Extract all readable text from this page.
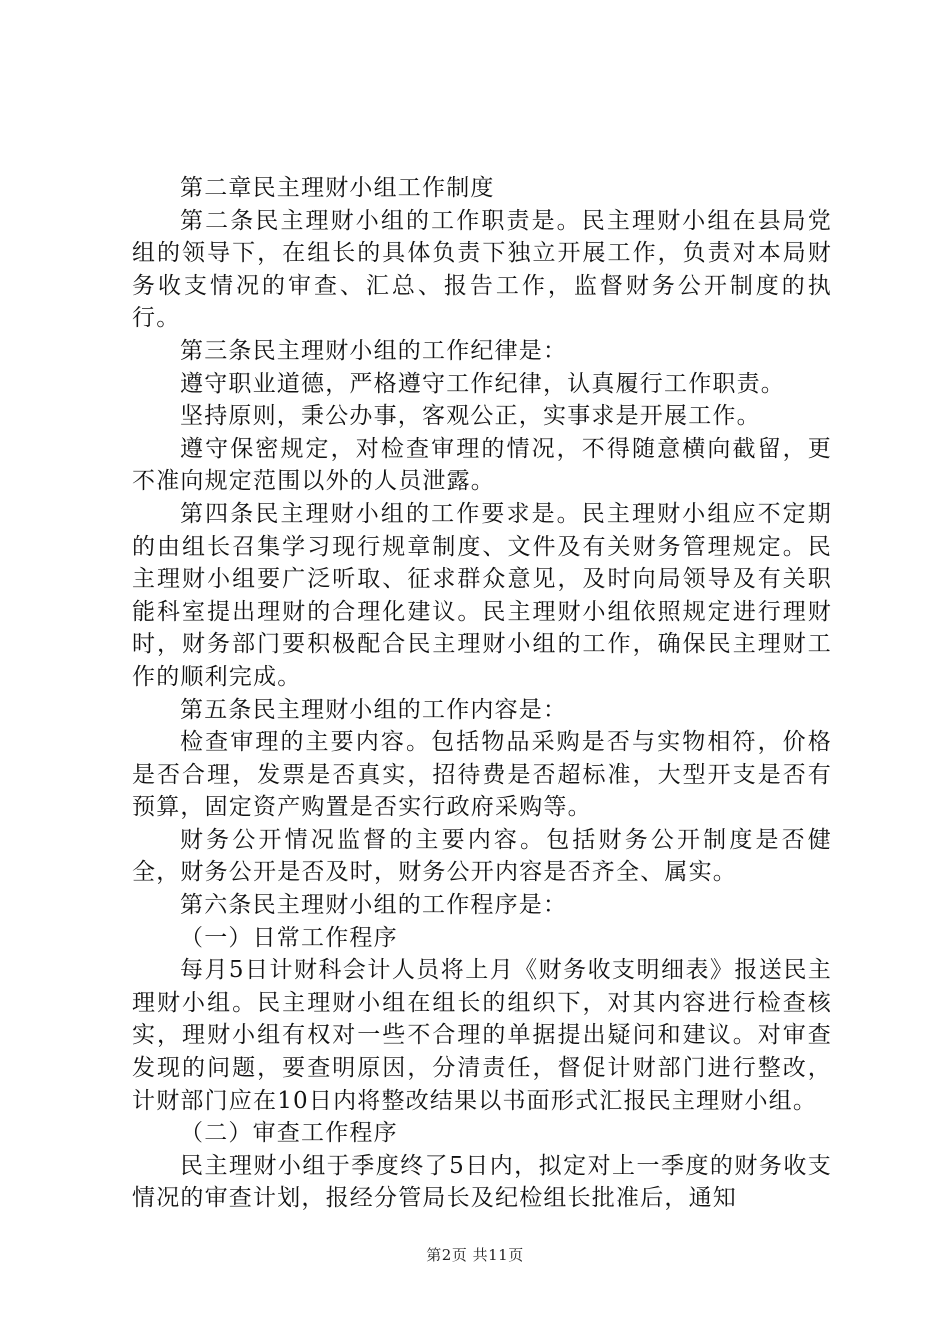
第二章民主理财小组工作制度

第二条民主理财小组的工作职责是。民主理财小组在县局党组的领导下，在组长的具体负责下独立开展工作，负责对本局财务收支情况的审查、汇总、报告工作，监督财务公开制度的执行。

第三条民主理财小组的工作纪律是：

遵守职业道德，严格遵守工作纪律，认真履行工作职责。

坚持原则，秉公办事，客观公正，实事求是开展工作。

遵守保密规定，对检查审理的情况，不得随意横向截留，更不准向规定范围以外的人员泄露。

第四条民主理财小组的工作要求是。民主理财小组应不定期的由组长召集学习现行规章制度、文件及有关财务管理规定。民主理财小组要广泛听取、征求群众意见，及时向局领导及有关职能科室提出理财的合理化建议。民主理财小组依照规定进行理财时，财务部门要积极配合民主理财小组的工作，确保民主理财工作的顺利完成。

第五条民主理财小组的工作内容是：

检查审理的主要内容。包括物品采购是否与实物相符，价格是否合理，发票是否真实，招待费是否超标准，大型开支是否有预算，固定资产购置是否实行政府采购等。

财务公开情况监督的主要内容。包括财务公开制度是否健全，财务公开是否及时，财务公开内容是否齐全、属实。

第六条民主理财小组的工作程序是：

（一）日常工作程序

每月5日计财科会计人员将上月《财务收支明细表》报送民主理财小组。民主理财小组在组长的组织下，对其内容进行检查核实，理财小组有权对一些不合理的单据提出疑问和建议。对审查发现的问题，要查明原因，分清责任，督促计财部门进行整改，计财部门应在10日内将整改结果以书面形式汇报民主理财小组。

（二）审查工作程序

民主理财小组于季度终了5日内，拟定对上一季度的财务收支情况的审查计划，报经分管局长及纪检组长批准后，通知

第2页 共11页
